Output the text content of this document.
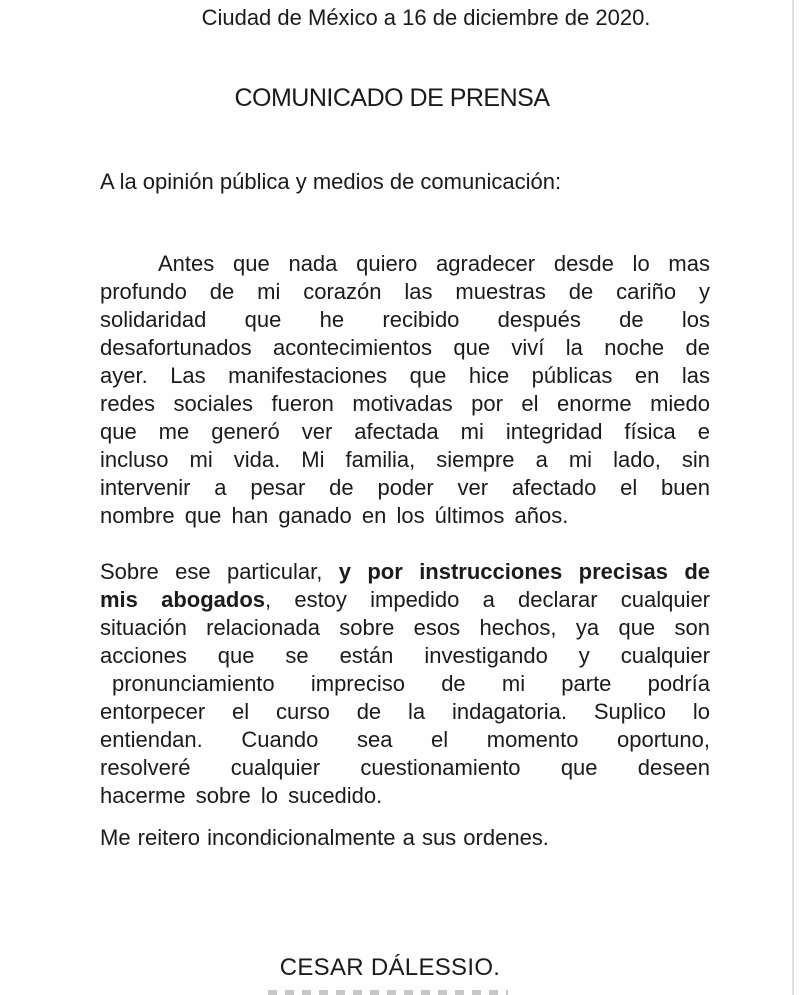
Ciudad de México a 16 de diciembre de 2020.
COMUNICADO DE PRENSA
A la opinión pública y medios de comunicación:
Antes que nada quiero agradecer desde lo mas
profundo de mi corazón las muestras de cariño y
solidaridad que he recibido después de los
desafortunados acontecimientos que viví la noche de
ayer. Las manifestaciones que hice públicas en las
redes sociales fueron motivadas por el enorme miedo
que me generó ver afectada mi integridad física e
incluso mi vida. Mi familia, siempre a mi lado, sin
intervenir a pesar de poder ver afectado el buen
nombre que han ganado en los últimos años.
Sobre ese particular, y por instrucciones precisas de
mis abogados, estoy impedido a declarar cualquier
situación relacionada sobre esos hechos, ya que son
acciones que se están investigando y cualquier
pronunciamiento impreciso de mi parte podría
entorpecer el curso de la indagatoria. Suplico lo
entiendan. Cuando sea el momento oportuno,
resolveré cualquier cuestionamiento que deseen
hacerme sobre lo sucedido.
Me reitero incondicionalmente a sus ordenes.
CESAR DÁLESSIO.
